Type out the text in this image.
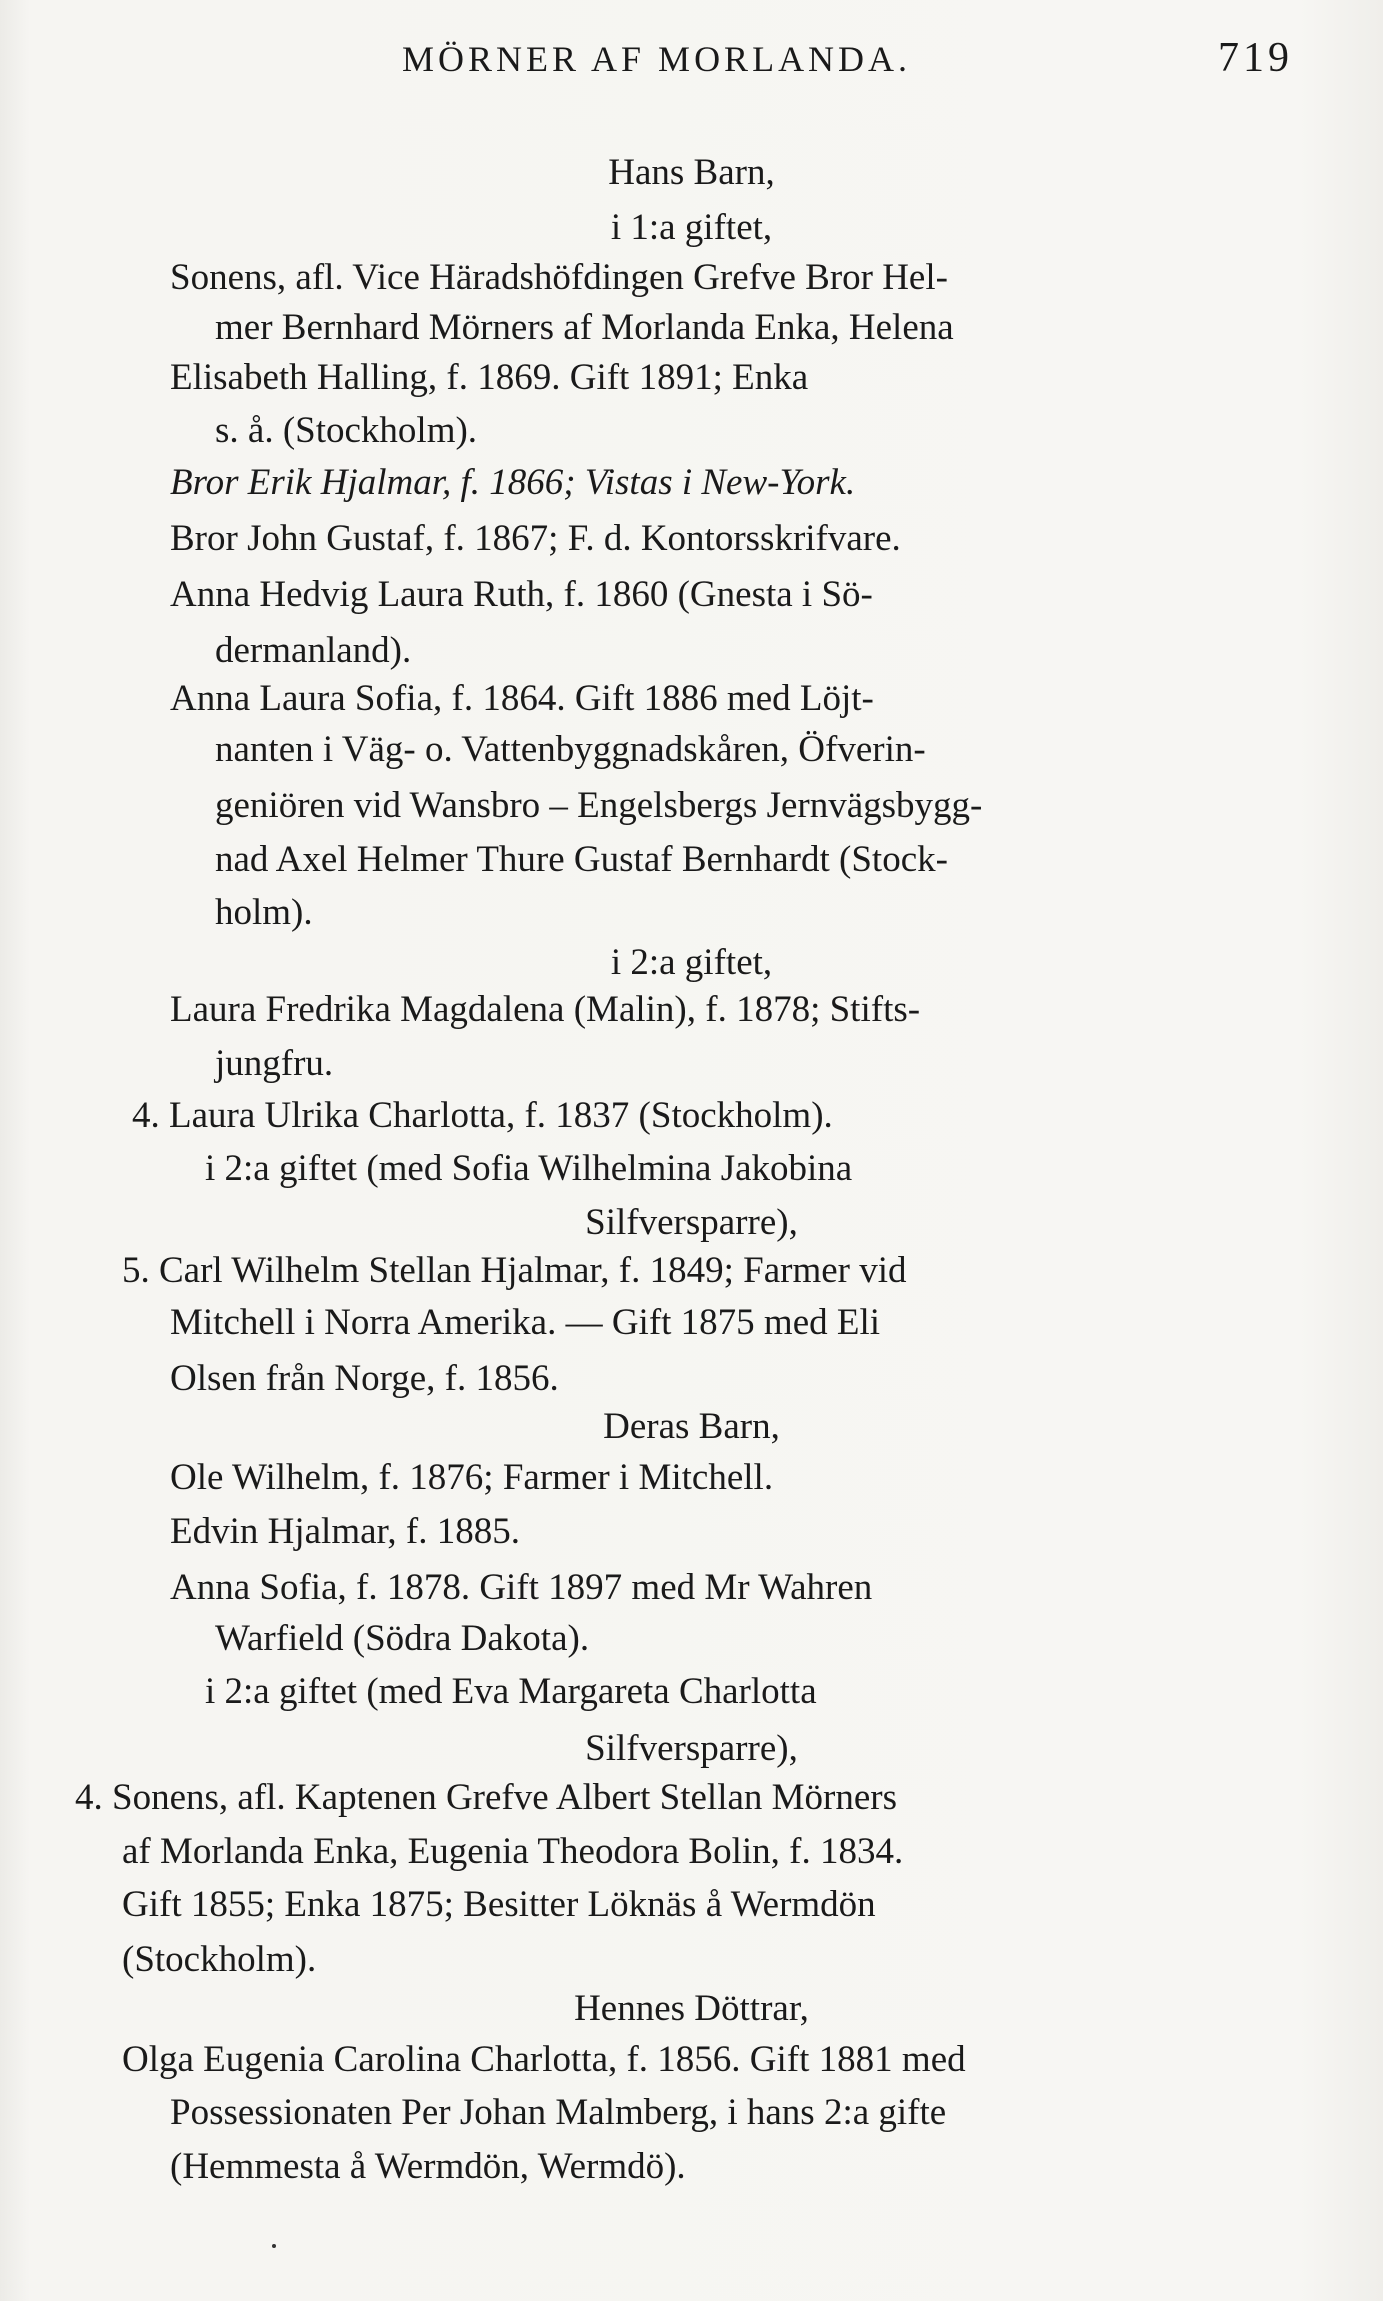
MÖRNER AF MORLANDA.	719
Hans Barn,
i 1:a giftet,
Sonens, afl. Vice Häradshöfdingen Grefve Bror Hel-
mer Bernhard Mörners af Morlanda Enka, Helena
Elisabeth Halling, f. 1869. Gift 1891; Enka
s. å. (Stockholm).
Bror Erik Hjalmar, f. 1866; Vistas i New-York.
Bror John Gustaf, f. 1867; F. d. Kontorsskrifvare.
Anna Hedvig Laura Ruth, f. 1860 (Gnesta i Sö-
dermanland).
Anna Laura Sofia, f. 1864. Gift 1886 med Löjt-
nanten i Väg- o. Vattenbyggnadskåren, Öfverin-
geniören vid Wansbro – Engelsbergs Jernvägsbygg-
nad Axel Helmer Thure Gustaf Bernhardt (Stock-
holm).
i 2:a giftet,
Laura Fredrika Magdalena (Malin), f. 1878; Stifts-
jungfru.
4. Laura Ulrika Charlotta, f. 1837 (Stockholm).
i 2:a giftet (med Sofia Wilhelmina Jakobina
Silfversparre),
5. Carl Wilhelm Stellan Hjalmar, f. 1849; Farmer vid
Mitchell i Norra Amerika. — Gift 1875 med Eli
Olsen från Norge, f. 1856.
Deras Barn,
Ole Wilhelm, f. 1876; Farmer i Mitchell.
Edvin Hjalmar, f. 1885.
Anna Sofia, f. 1878. Gift 1897 med Mr Wahren
Warfield (Södra Dakota).
i 2:a giftet (med Eva Margareta Charlotta
Silfversparre),
4. Sonens, afl. Kaptenen Grefve Albert Stellan Mörners
af Morlanda Enka, Eugenia Theodora Bolin, f. 1834.
Gift 1855; Enka 1875; Besitter Löknäs å Wermdön
(Stockholm).
Hennes Döttrar,
Olga Eugenia Carolina Charlotta, f. 1856. Gift 1881 med
Possessionaten Per Johan Malmberg, i hans 2:a gifte
(Hemmesta å Wermdön, Wermdö).
